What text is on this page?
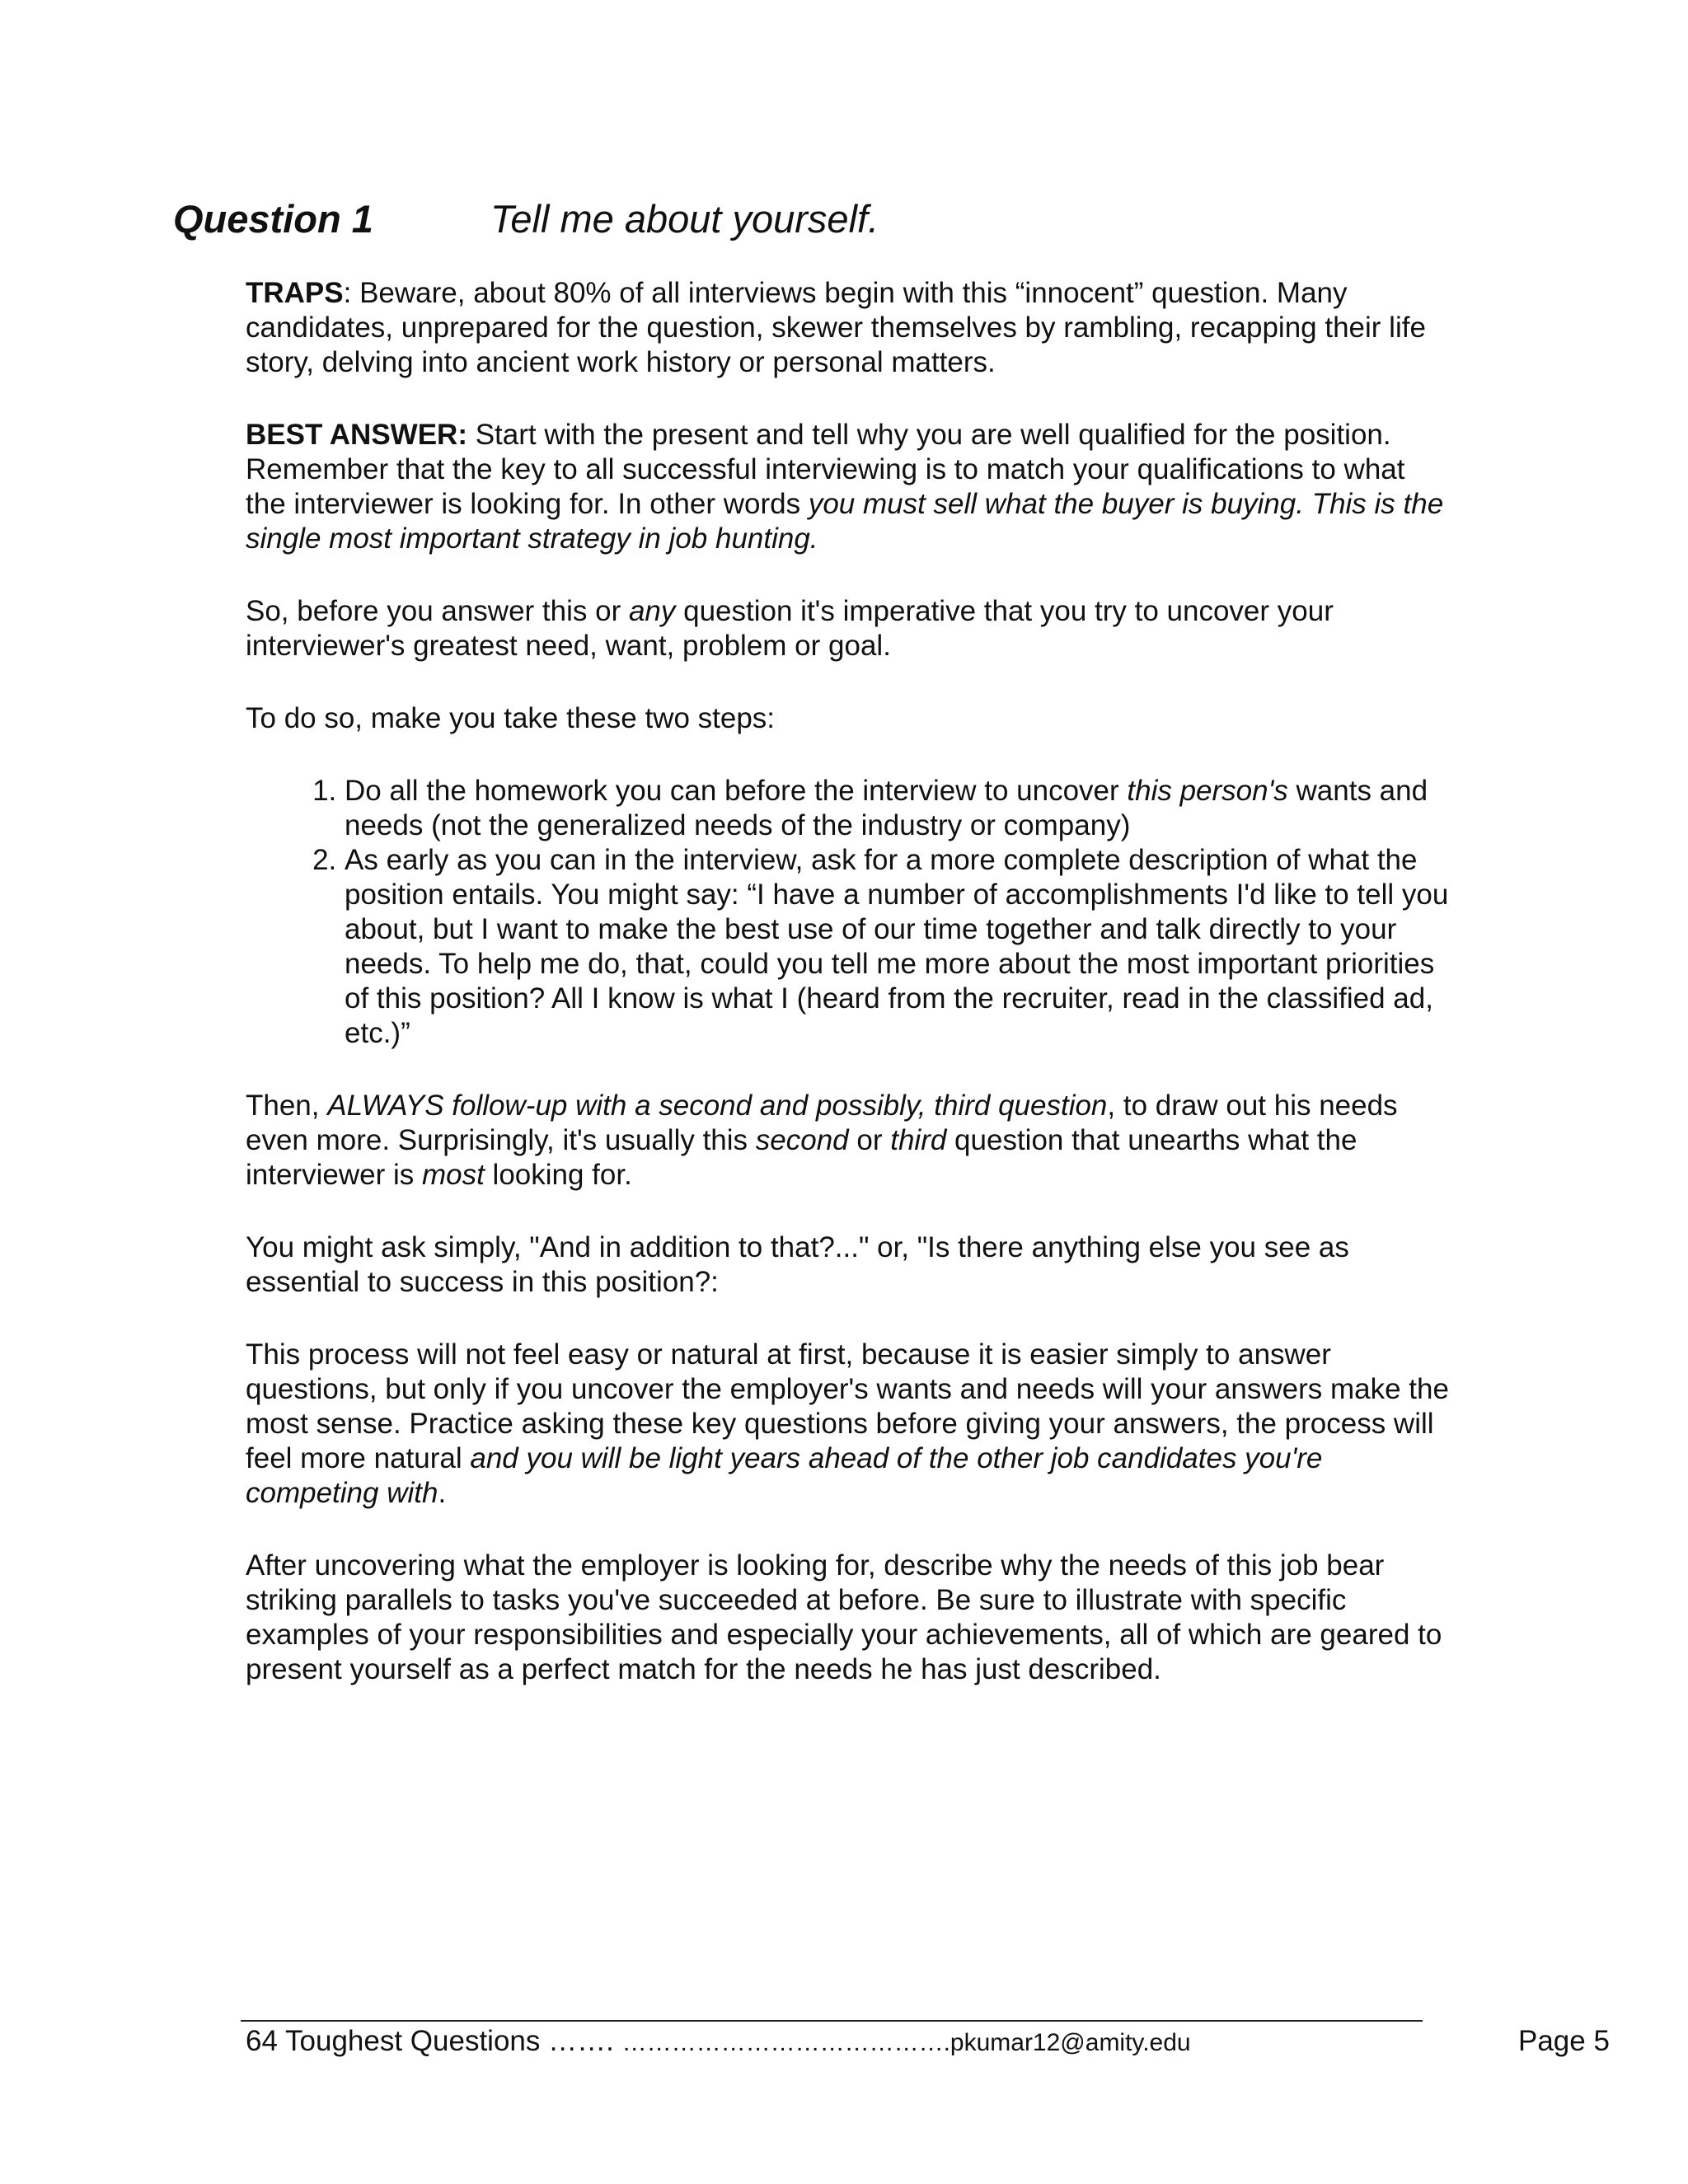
Question 1	Tell me about yourself.

TRAPS: Beware, about 80% of all interviews begin with this “innocent” question. Many candidates, unprepared for the question, skewer themselves by rambling, recapping their life story, delving into ancient work history or personal matters.

BEST ANSWER: Start with the present and tell why you are well qualified for the position. Remember that the key to all successful interviewing is to match your qualifications to what the interviewer is looking for. In other words you must sell what the buyer is buying. This is the single most important strategy in job hunting.

So, before you answer this or any question it's imperative that you try to uncover your interviewer's greatest need, want, problem or goal.

To do so, make you take these two steps:

1. Do all the homework you can before the interview to uncover this person's wants and needs (not the generalized needs of the industry or company)
2. As early as you can in the interview, ask for a more complete description of what the position entails. You might say: “I have a number of accomplishments I'd like to tell you about, but I want to make the best use of our time together and talk directly to your needs. To help me do, that, could you tell me more about the most important priorities of this position? All I know is what I (heard from the recruiter, read in the classified ad, etc.)”

Then, ALWAYS follow-up with a second and possibly, third question, to draw out his needs even more. Surprisingly, it's usually this second or third question that unearths what the interviewer is most looking for.

You might ask simply, "And in addition to that?..." or, "Is there anything else you see as essential to success in this position?:

This process will not feel easy or natural at first, because it is easier simply to answer questions, but only if you uncover the employer's wants and needs will your answers make the most sense. Practice asking these key questions before giving your answers, the process will feel more natural and you will be light years ahead of the other job candidates you're competing with.

After uncovering what the employer is looking for, describe why the needs of this job bear striking parallels to tasks you've succeeded at before. Be sure to illustrate with specific examples of your responsibilities and especially your achievements, all of which are geared to present yourself as a perfect match for the needs he has just described.

64 Toughest Questions ……. ………………………………….pkumar12@amity.edu	Page 5
